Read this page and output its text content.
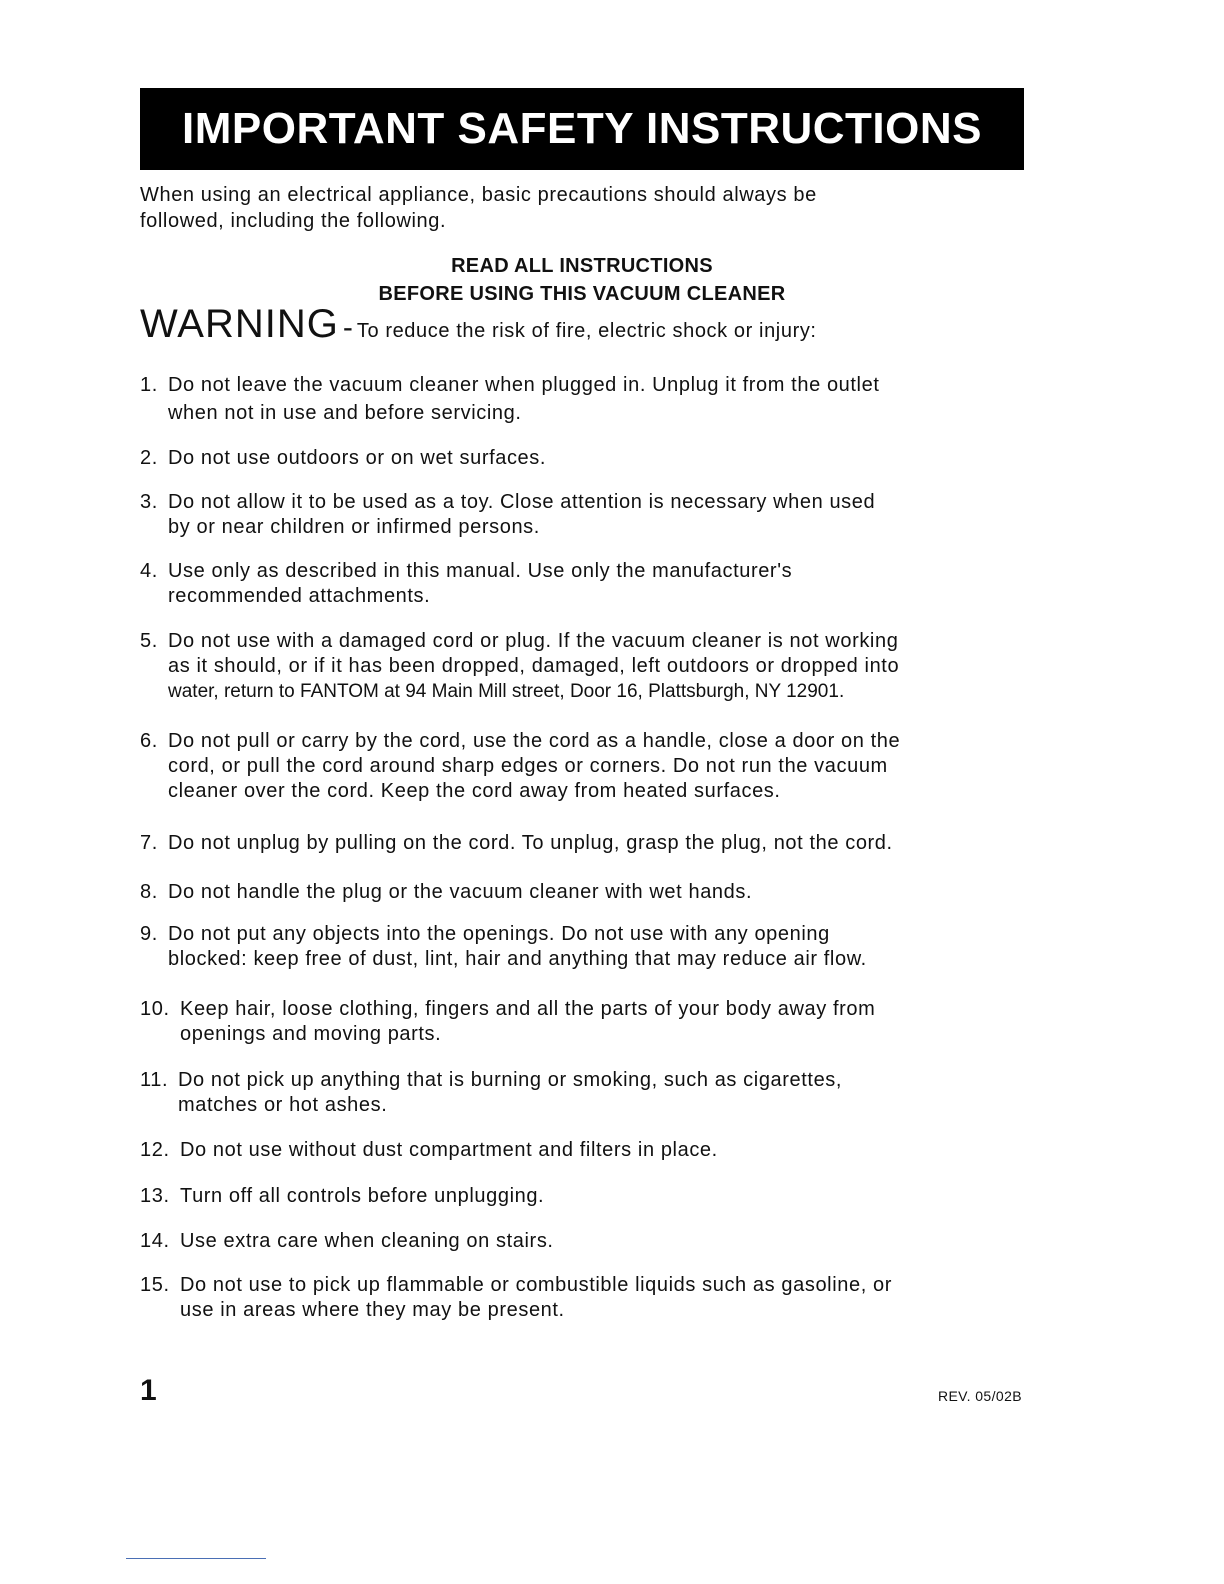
IMPORTANT SAFETY INSTRUCTIONS
When using an electrical appliance, basic precautions should always be
followed, including the following.
READ ALL INSTRUCTIONS
BEFORE USING THIS VACUUM CLEANER
WARNING - To reduce the risk of fire, electric shock or injury:
1. Do not leave the vacuum cleaner when plugged in. Unplug it from the outlet
when not in use and before servicing.
2. Do not use outdoors or on wet surfaces.
3. Do not allow it to be used as a toy. Close attention is necessary when used
by or near children or infirmed persons.
4. Use only as described in this manual. Use only the manufacturer's
recommended attachments.
5. Do not use with a damaged cord or plug. If the vacuum cleaner is not working
as it should, or if it has been dropped, damaged, left outdoors or dropped into
water, return to FANTOM at 94 Main Mill street, Door 16, Plattsburgh, NY 12901.
6. Do not pull or carry by the cord, use the cord as a handle, close a door on the
cord, or pull the cord around sharp edges or corners. Do not run the vacuum
cleaner over the cord. Keep the cord away from heated surfaces.
7. Do not unplug by pulling on the cord. To unplug, grasp the plug, not the cord.
8. Do not handle the plug or the vacuum cleaner with wet hands.
9. Do not put any objects into the openings. Do not use with any opening
blocked: keep free of dust, lint, hair and anything that may reduce air flow.
10. Keep hair, loose clothing, fingers and all the parts of your body away from
openings and moving parts.
11. Do not pick up anything that is burning or smoking, such as cigarettes,
matches or hot ashes.
12. Do not use without dust compartment and filters in place.
13. Turn off all controls before unplugging.
14. Use extra care when cleaning on stairs.
15. Do not use to pick up flammable or combustible liquids such as gasoline, or
use in areas where they may be present.
1	REV. 05/02B
